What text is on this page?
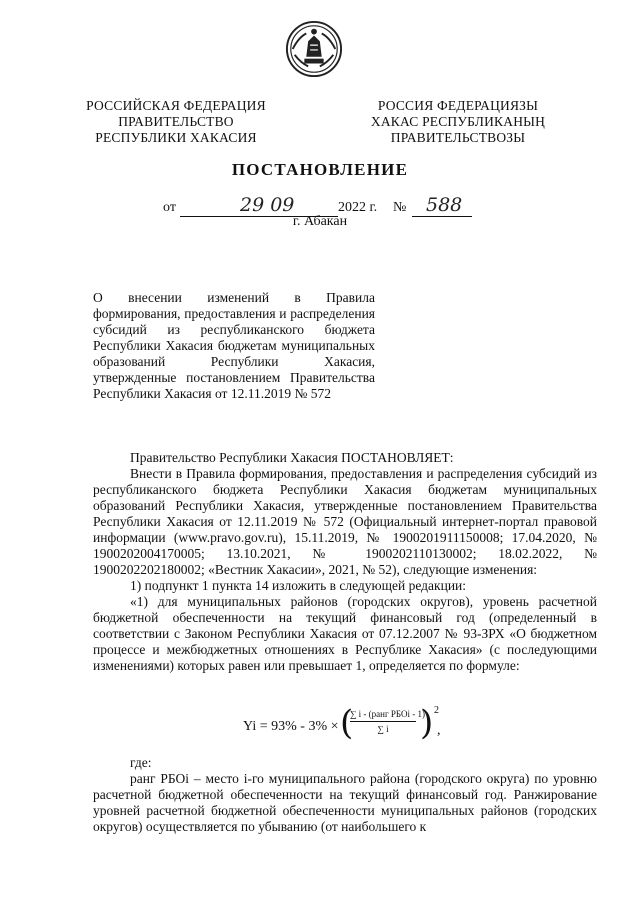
РОССИЙСКАЯ ФЕДЕРАЦИЯ
ПРАВИТЕЛЬСТВО
РЕСПУБЛИКИ ХАКАСИЯ
РОССИЯ ФЕДЕРАЦИЯЗЫ
ХАКАС РЕСПУБЛИКАНЫҢ
ПРАВИТЕЛЬСТВОЗЫ
ПОСТАНОВЛЕНИЕ
от	29 09	2022 г. № 588
г. Абакан
О внесении изменений в Правила формирования, предоставления и распределения субсидий из республиканского бюджета Республики Хакасия бюджетам муниципальных образований Республики Хакасия, утвержденные постановлением Правительства Республики Хакасия от 12.11.2019 № 572

Правительство Республики Хакасия ПОСТАНОВЛЯЕТ:

Внести в Правила формирования, предоставления и распределения субсидий из республиканского бюджета Республики Хакасия бюджетам муниципальных образований Республики Хакасия, утвержденные постановлением Правительства Республики Хакасия от 12.11.2019 № 572 (Официальный интернет-портал правовой информации (www.pravo.gov.ru), 15.11.2019, № 1900201911150008; 17.04.2020, № 1900202004170005; 13.10.2021, № 1900202110130002; 18.02.2022, № 1900202202180002; «Вестник Хакасии», 2021, № 52), следующие изменения:

1) подпункт 1 пункта 14 изложить в следующей редакции:

«1) для муниципальных районов (городских округов), уровень расчетной бюджетной обеспеченности на текущий финансовый год (определенный в соответствии с Законом Республики Хакасия от 07.12.2007 № 93-ЗРХ «О бюджетном процессе и межбюджетных отношениях в Республике Хакасия» (с последующими изменениями) которых равен или превышает 1, определяется по формуле:

Yi = 93% - 3% × (
∑ i - (ранг РБОi - 1)
∑ i ) 2
,

где:

ранг РБОi – место i-го муниципального района (городского округа) по уровню расчетной бюджетной обеспеченности на текущий финансовый год. Ранжирование уровней расчетной бюджетной обеспеченности муниципальных районов (городских округов) осуществляется по убыванию (от наибольшего к
